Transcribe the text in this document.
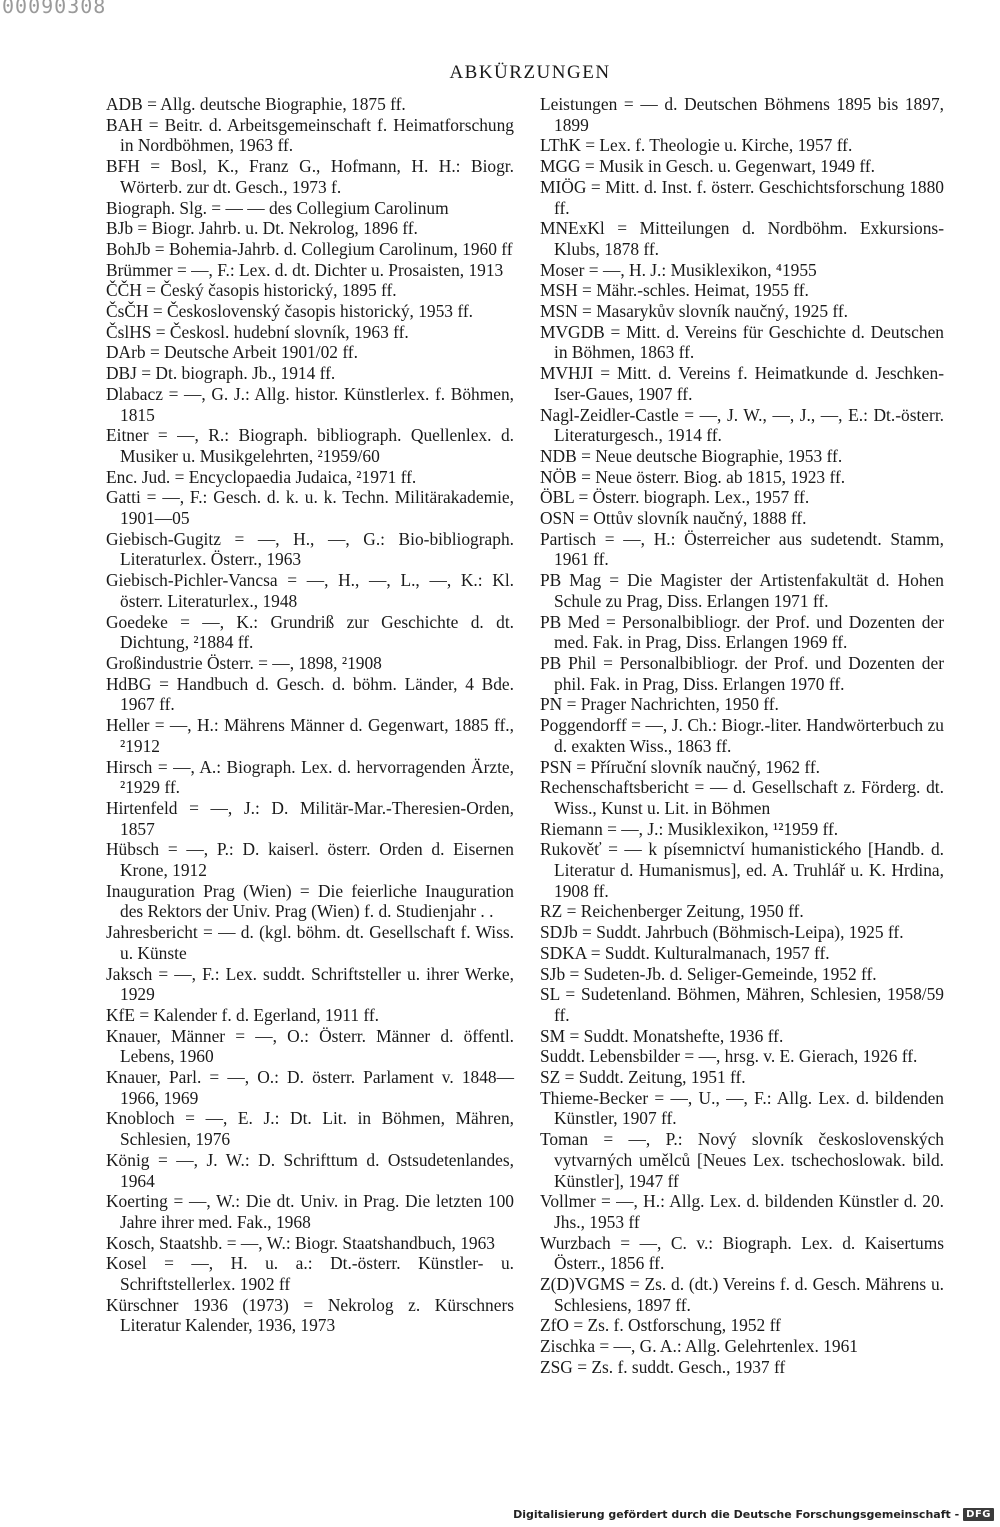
00090308
ABKÜRZUNGEN

ADB = Allg. deutsche Biographie, 1875 ff.

BAH = Beitr. d. Arbeitsgemeinschaft f. Heimatforschung in Nordböhmen, 1963 ff.

BFH = Bosl, K., Franz G., Hofmann, H. H.: Biogr. Wörterb. zur dt. Gesch., 1973 f.

Biograph. Slg. = — — des Collegium Carolinum

BJb = Biogr. Jahrb. u. Dt. Nekrolog, 1896 ff.

BohJb = Bohemia-Jahrb. d. Collegium Carolinum, 1960 ff

Brümmer = —, F.: Lex. d. dt. Dichter u. Prosaisten, 1913

ČČH = Český časopis historický, 1895 ff.

ČsČH = Československý časopis historický, 1953 ff.

ČslHS = Českosl. hudební slovník, 1963 ff.

DArb = Deutsche Arbeit 1901/02 ff.

DBJ = Dt. biograph. Jb., 1914 ff.

Dlabacz = —, G. J.: Allg. histor. Künstlerlex. f. Böhmen, 1815

Eitner = —, R.: Biograph. bibliograph. Quellenlex. d. Musiker u. Musikgelehrten, ²1959/60

Enc. Jud. = Encyclopaedia Judaica, ²1971 ff.

Gatti = —, F.: Gesch. d. k. u. k. Techn. Militärakademie, 1901—05

Giebisch-Gugitz = —, H., —, G.: Bio-bibliograph. Literaturlex. Österr., 1963

Giebisch-Pichler-Vancsa = —, H., —, L., —, K.: Kl. österr. Literaturlex., 1948

Goedeke = —, K.: Grundriß zur Geschichte d. dt. Dichtung, ²1884 ff.

Großindustrie Österr. = —, 1898, ²1908

HdBG = Handbuch d. Gesch. d. böhm. Länder, 4 Bde. 1967 ff.

Heller = —, H.: Mährens Männer d. Gegenwart, 1885 ff., ²1912

Hirsch = —, A.: Biograph. Lex. d. hervorragenden Ärzte, ²1929 ff.

Hirtenfeld = —, J.: D. Militär-Mar.-Theresien-Orden, 1857

Hübsch = —, P.: D. kaiserl. österr. Orden d. Eisernen Krone, 1912

Inauguration Prag (Wien) = Die feierliche Inauguration des Rektors der Univ. Prag (Wien) f. d. Studienjahr . .

Jahresbericht = — d. (kgl. böhm. dt. Gesellschaft f. Wiss. u. Künste

Jaksch = —, F.: Lex. suddt. Schriftsteller u. ihrer Werke, 1929

KfE = Kalender f. d. Egerland, 1911 ff.

Knauer, Männer = —, O.: Österr. Männer d. öffentl. Lebens, 1960

Knauer, Parl. = —, O.: D. österr. Parlament v. 1848—1966, 1969

Knobloch = —, E. J.: Dt. Lit. in Böhmen, Mähren, Schlesien, 1976

König = —, J. W.: D. Schrifttum d. Ostsudetenlandes, 1964

Koerting = —, W.: Die dt. Univ. in Prag. Die letzten 100 Jahre ihrer med. Fak., 1968

Kosch, Staatshb. = —, W.: Biogr. Staatshandbuch, 1963

Kosel = —, H. u. a.: Dt.-österr. Künstler- u. Schriftstellerlex. 1902 ff

Kürschner 1936 (1973) = Nekrolog z. Kürschners Literatur Kalender, 1936, 1973

Leistungen = — d. Deutschen Böhmens 1895 bis 1897, 1899

LThK = Lex. f. Theologie u. Kirche, 1957 ff.

MGG = Musik in Gesch. u. Gegenwart, 1949 ff.

MIÖG = Mitt. d. Inst. f. österr. Geschichtsforschung 1880 ff.

MNExKl = Mitteilungen d. Nordböhm. Exkursions-Klubs, 1878 ff.

Moser = —, H. J.: Musiklexikon, ⁴1955

MSH = Mähr.-schles. Heimat, 1955 ff.

MSN = Masarykův slovník naučný, 1925 ff.

MVGDB = Mitt. d. Vereins für Geschichte d. Deutschen in Böhmen, 1863 ff.

MVHJI = Mitt. d. Vereins f. Heimatkunde d. Jeschken-Iser-Gaues, 1907 ff.

Nagl-Zeidler-Castle = —, J. W., —, J., —, E.: Dt.-österr. Literaturgesch., 1914 ff.

NDB = Neue deutsche Biographie, 1953 ff.

NÖB = Neue österr. Biog. ab 1815, 1923 ff.

ÖBL = Österr. biograph. Lex., 1957 ff.

OSN = Ottův slovník naučný, 1888 ff.

Partisch = —, H.: Österreicher aus sudetendt. Stamm, 1961 ff.

PB Mag = Die Magister der Artistenfakultät d. Hohen Schule zu Prag, Diss. Erlangen 1971 ff.

PB Med = Personalbibliogr. der Prof. und Dozenten der med. Fak. in Prag, Diss. Erlangen 1969 ff.

PB Phil = Personalbibliogr. der Prof. und Dozenten der phil. Fak. in Prag, Diss. Erlangen 1970 ff.

PN = Prager Nachrichten, 1950 ff.

Poggendorff = —, J. Ch.: Biogr.-liter. Handwörterbuch zu d. exakten Wiss., 1863 ff.

PSN = Příruční slovník naučný, 1962 ff.

Rechenschaftsbericht = — d. Gesellschaft z. Förderg. dt. Wiss., Kunst u. Lit. in Böhmen

Riemann = —, J.: Musiklexikon, ¹²1959 ff.

Rukověť = — k písemnictví humanistického [Handb. d. Literatur d. Humanismus], ed. A. Truhlář u. K. Hrdina, 1908 ff.

RZ = Reichenberger Zeitung, 1950 ff.

SDJb = Suddt. Jahrbuch (Böhmisch-Leipa), 1925 ff.

SDKA = Suddt. Kulturalmanach, 1957 ff.

SJb = Sudeten-Jb. d. Seliger-Gemeinde, 1952 ff.

SL = Sudetenland. Böhmen, Mähren, Schlesien, 1958/59 ff.

SM = Suddt. Monatshefte, 1936 ff.

Suddt. Lebensbilder = —, hrsg. v. E. Gierach, 1926 ff.

SZ = Suddt. Zeitung, 1951 ff.

Thieme-Becker = —, U., —, F.: Allg. Lex. d. bildenden Künstler, 1907 ff.

Toman = —, P.: Nový slovník československých vytvarných umělců [Neues Lex. tschechoslowak. bild. Künstler], 1947 ff

Vollmer = —, H.: Allg. Lex. d. bildenden Künstler d. 20. Jhs., 1953 ff

Wurzbach = —, C. v.: Biograph. Lex. d. Kaisertums Österr., 1856 ff.

Z(D)VGMS = Zs. d. (dt.) Vereins f. d. Gesch. Mährens u. Schlesiens, 1897 ff.

ZfO = Zs. f. Ostforschung, 1952 ff

Zischka = —, G. A.: Allg. Gelehrtenlex. 1961

ZSG = Zs. f. suddt. Gesch., 1937 ff

Digitalisierung gefördert durch die Deutsche Forschungsgemeinschaft - DFG
